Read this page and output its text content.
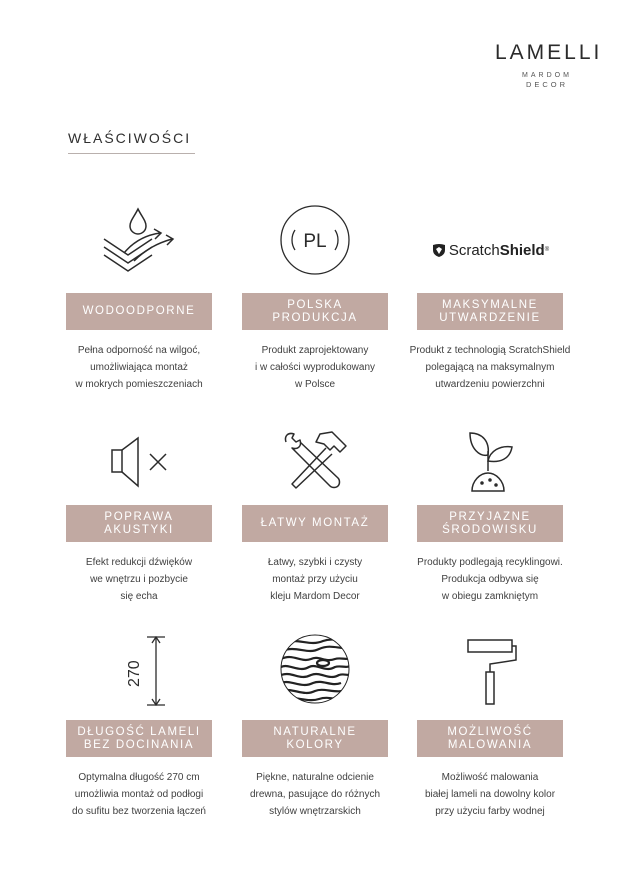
LAMELLI
MARDOM
DECOR
WŁAŚCIWOŚCI
WODOODPORNE
Pełna odporność na wilgoć,
umożliwiająca montaż
w mokrych pomieszczeniach
PL
POLSKA PRODUKCJA
Produkt zaprojektowany
i w całości wyprodukowany
w Polsce
Scratch Shield ®
MAKSYMALNE UTWARDZENIE
Produkt z technologią ScratchShield
polegającą na maksymalnym
utwardzeniu powierzchni
POPRAWA AKUSTYKI
Efekt redukcji dźwięków
we wnętrzu i pozbycie
się echa
ŁATWY MONTAŻ
Łatwy, szybki i czysty
montaż przy użyciu
kleju Mardom Decor
PRZYJAZNE ŚRODOWISKU
Produkty podlegają recyklingowi.
Produkcja odbywa się
w obiegu zamkniętym
270
DŁUGOŚĆ LAMELI BEZ DOCINANIA
Optymalna długość 270 cm
umożliwia montaż od podłogi
do sufitu bez tworzenia łączeń
NATURALNE KOLORY
Piękne, naturalne odcienie
drewna, pasujące do różnych
stylów wnętrzarskich
MOŻLIWOŚĆ MALOWANIA
Możliwość malowania
białej lameli na dowolny kolor
przy użyciu farby wodnej
